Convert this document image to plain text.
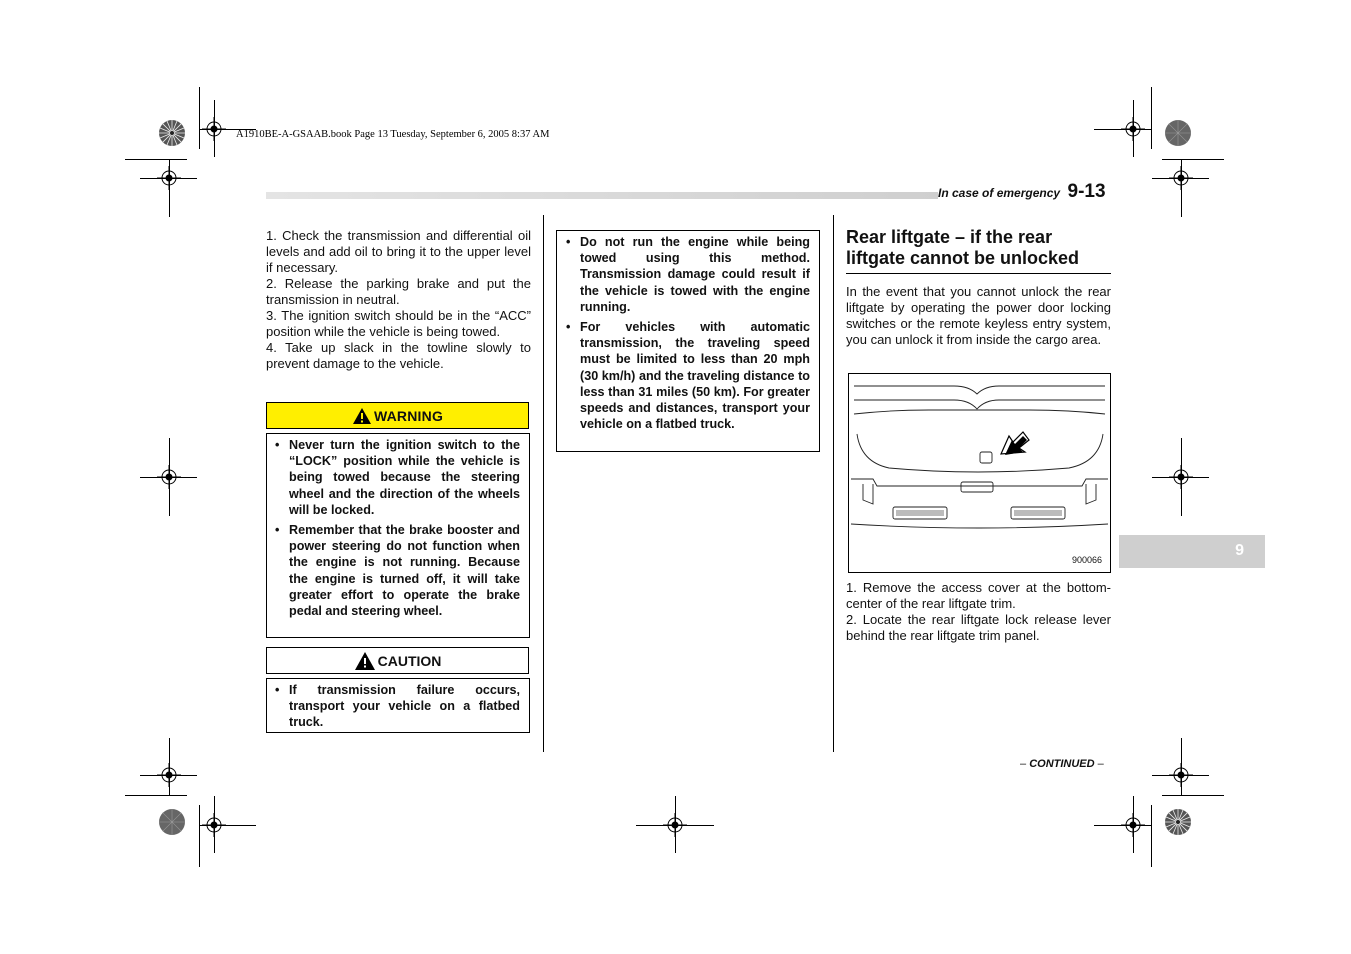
A1910BE-A-GSAAB.book Page 13 Tuesday, September 6, 2005 8:37 AM
In case of emergency 9-13

1. Check the transmission and differential oil levels and add oil to bring it to the upper level if necessary.

2. Release the parking brake and put the transmission in neutral.

3. The ignition switch should be in the “ACC” position while the vehicle is being towed.

4. Take up slack in the towline slowly to prevent damage to the vehicle.

WARNING
• Never turn the ignition switch to the “LOCK” position while the vehicle is being towed because the steering wheel and the direction of the wheels will be locked.
• Remember that the brake booster and power steering do not function when the engine is not running. Because the engine is turned off, it will take greater effort to operate the brake pedal and steering wheel.
CAUTION
• If transmission failure occurs, transport your vehicle on a flatbed truck.
• Do not run the engine while being towed using this method. Transmission damage could result if the vehicle is towed with the engine running.
• For vehicles with automatic transmission, the traveling speed must be limited to less than 20 mph (30 km/h) and the traveling distance to less than 31 miles (50 km). For greater speeds and distances, transport your vehicle on a flatbed truck.
Rear liftgate – if the rear liftgate cannot be unlocked

In the event that you cannot unlock the rear liftgate by operating the power door locking switches or the remote keyless entry system, you can unlock it from inside the cargo area.

900066

1. Remove the access cover at the bottom-center of the rear liftgate trim.

2. Locate the rear liftgate lock release lever behind the rear liftgate trim panel.

9
– CONTINUED –
